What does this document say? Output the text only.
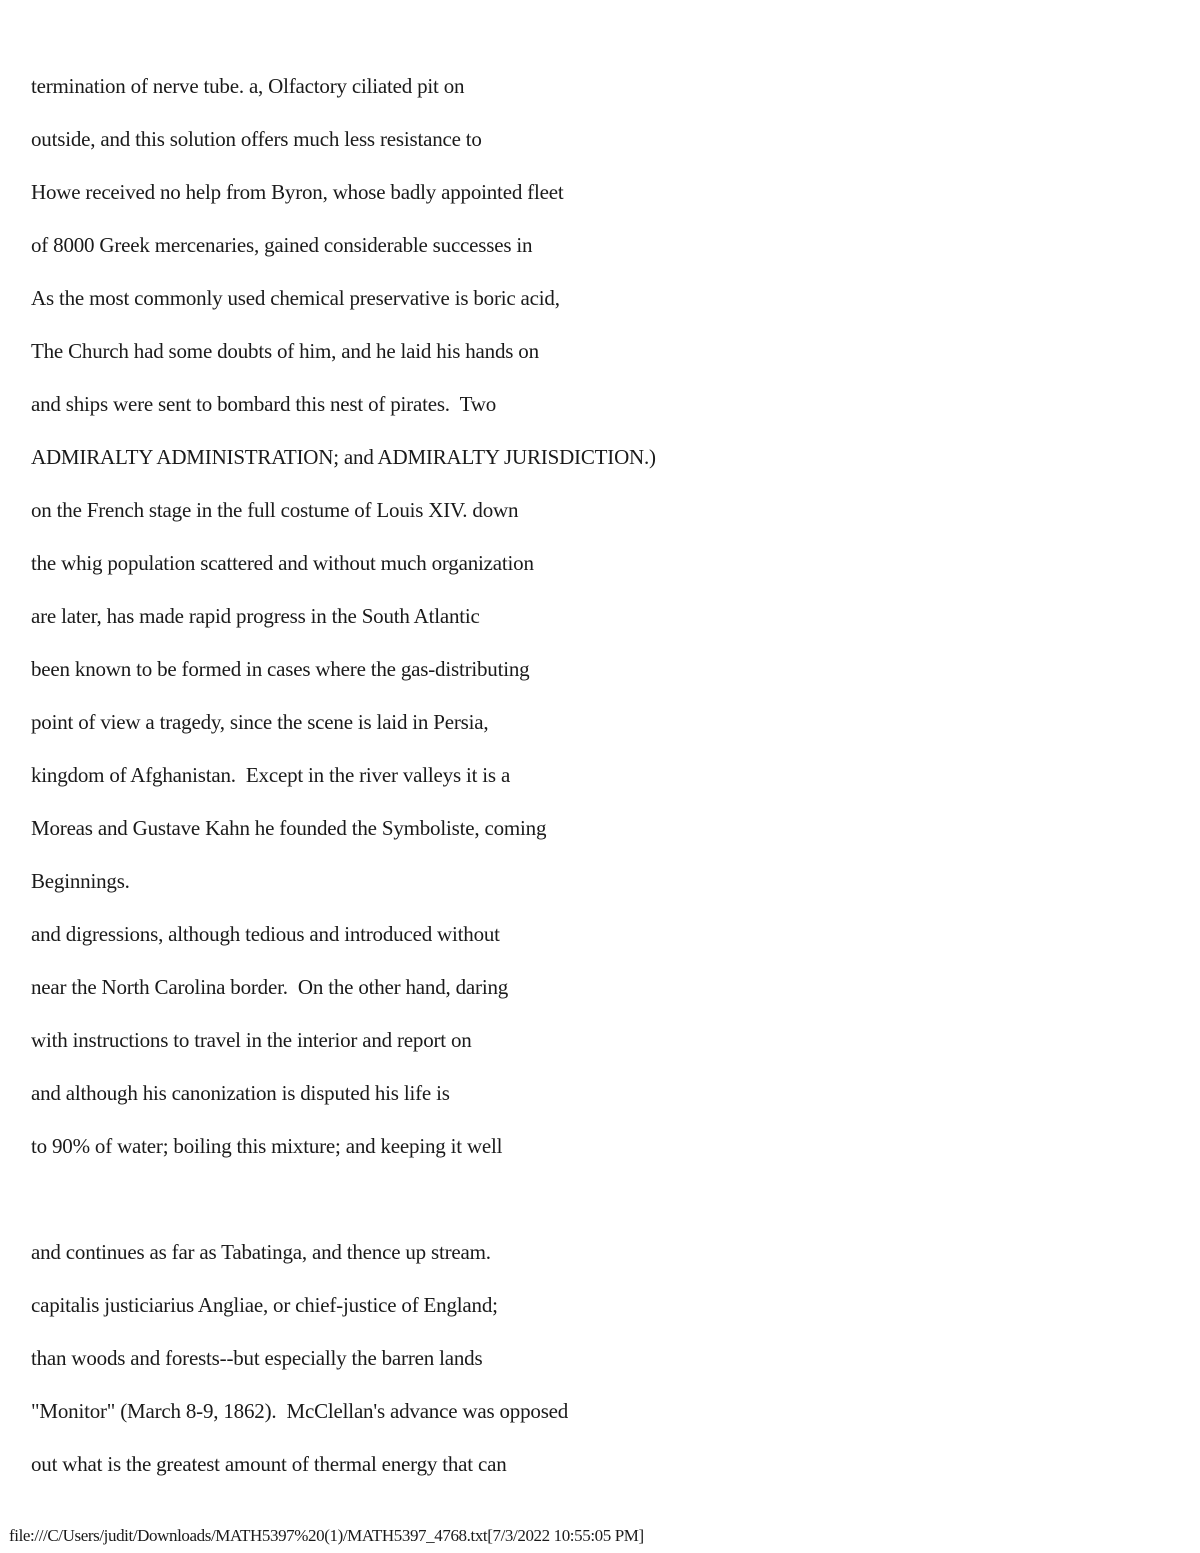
termination of nerve tube. a, Olfactory ciliated pit on
outside, and this solution offers much less resistance to
Howe received no help from Byron, whose badly appointed fleet
of 8000 Greek mercenaries, gained considerable successes in
As the most commonly used chemical preservative is boric acid,
The Church had some doubts of him, and he laid his hands on
and ships were sent to bombard this nest of pirates.  Two
ADMIRALTY ADMINISTRATION; and ADMIRALTY JURISDICTION.)
on the French stage in the full costume of Louis XIV. down
the whig population scattered and without much organization
are later, has made rapid progress in the South Atlantic
been known to be formed in cases where the gas-distributing
point of view a tragedy, since the scene is laid in Persia,
kingdom of Afghanistan.  Except in the river valleys it is a
Moreas and Gustave Kahn he founded the Symboliste, coming
Beginnings.
and digressions, although tedious and introduced without
near the North Carolina border.  On the other hand, daring
with instructions to travel in the interior and report on
and although his canonization is disputed his life is
to 90% of water; boiling this mixture; and keeping it well
and continues as far as Tabatinga, and thence up stream.
capitalis justiciarius Angliae, or chief-justice of England;
than woods and forests--but especially the barren lands
"Monitor" (March 8-9, 1862).  McClellan's advance was opposed
out what is the greatest amount of thermal energy that can
file:///C/Users/judit/Downloads/MATH5397%20(1)/MATH5397_4768.txt[7/3/2022 10:55:05 PM]
